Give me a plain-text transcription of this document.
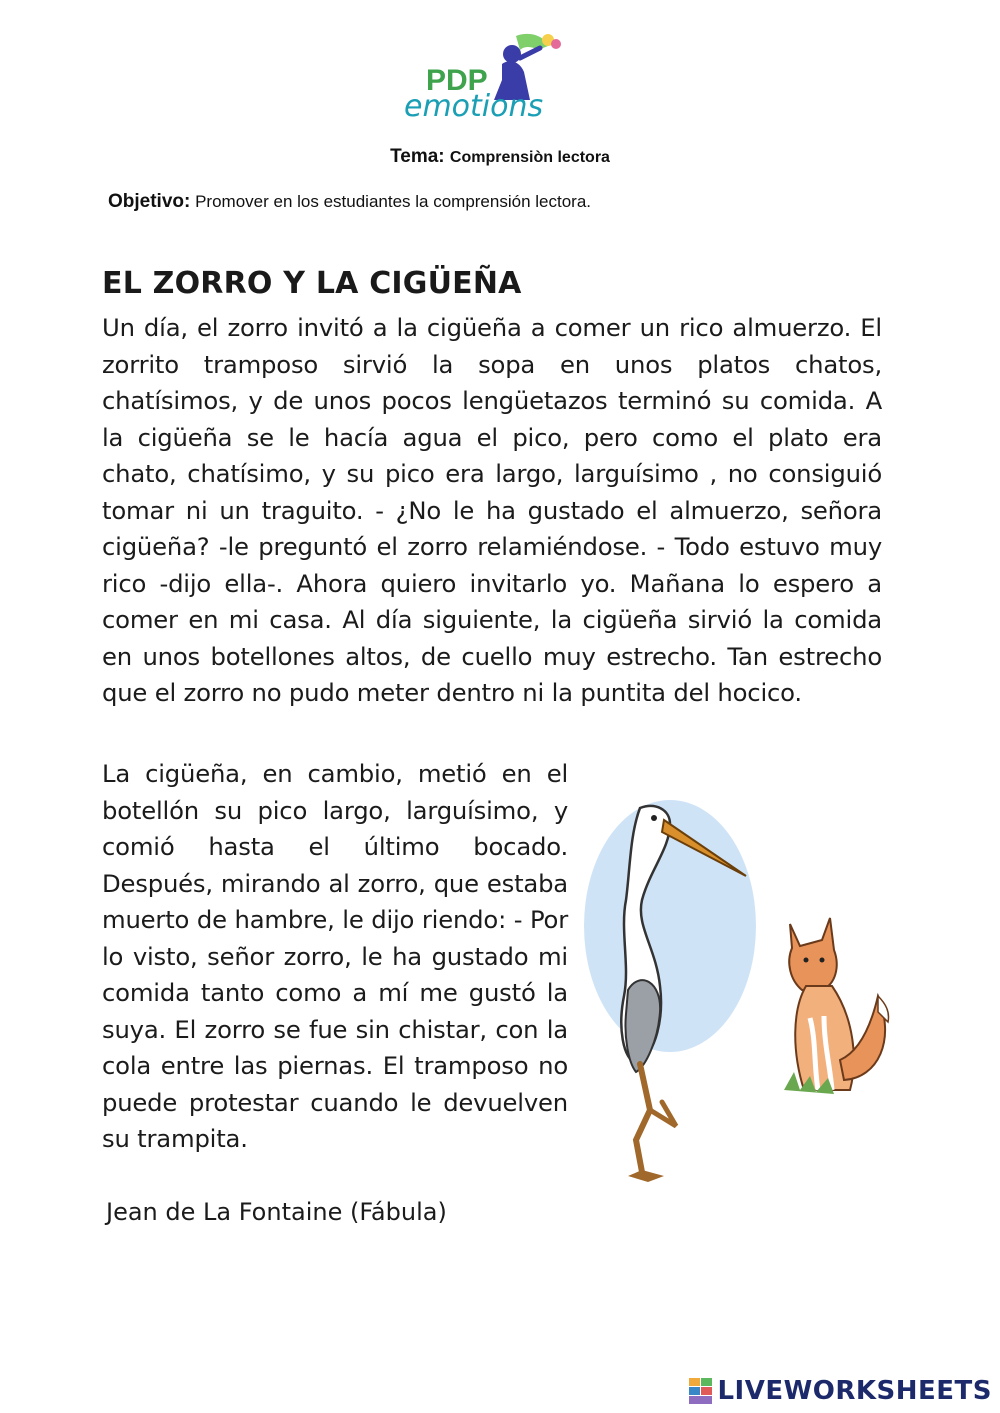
PDP
emotions
Tema: Comprensiòn lectora
Objetivo: Promover en los estudiantes la comprensión lectora.
EL ZORRO Y LA CIGÜEÑA
Un día, el zorro invitó a la cigüeña a comer un rico almuerzo. El zorrito tramposo sirvió la sopa en unos platos chatos, chatísimos, y de unos pocos lengüetazos terminó su comida. A la cigüeña se le hacía agua el pico, pero como el plato era chato, chatísimo, y su pico era largo, larguísimo , no consiguió tomar ni un traguito. - ¿No le ha gustado el almuerzo, señora cigüeña? -le preguntó el zorro relamiéndose. - Todo estuvo muy rico -dijo ella-. Ahora quiero invitarlo yo. Mañana lo espero a comer en mi casa. Al día siguiente, la cigüeña sirvió la comida en unos botellones altos, de cuello muy estrecho. Tan estrecho que el zorro no pudo meter dentro ni la puntita del hocico.
La cigüeña, en cambio, metió en el botellón su pico largo, larguísimo, y comió hasta el último bocado. Después, mirando al zorro, que estaba muerto de hambre, le dijo riendo: - Por lo visto, señor zorro, le ha gustado mi comida tanto como a mí me gustó la suya. El zorro se fue sin chistar, con la cola entre las piernas. El tramposo no puede protestar cuando le devuelven su trampita.
Jean de La Fontaine (Fábula)
LIVEWORKSHEETS
